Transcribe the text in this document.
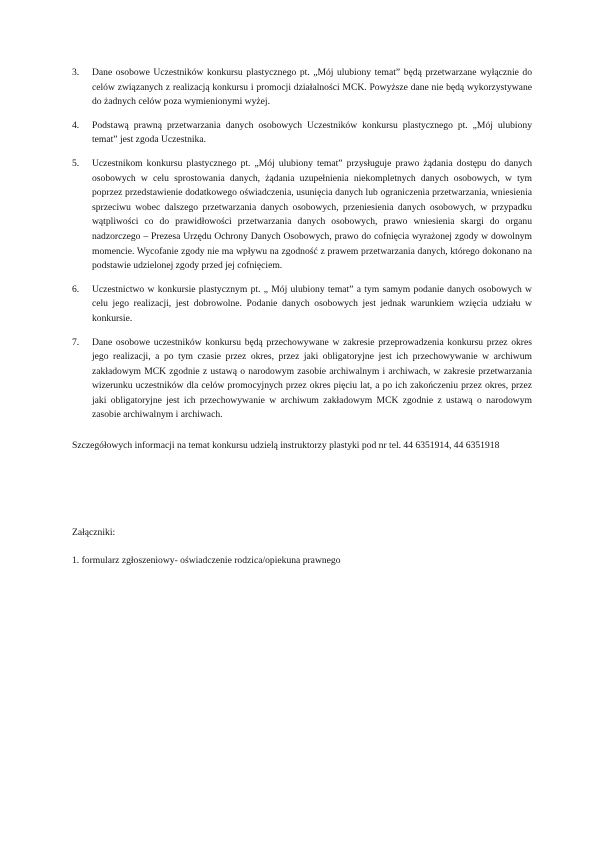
3.	Dane osobowe Uczestników konkursu plastycznego pt. „Mój ulubiony temat” będą przetwarzane wyłącznie do celów związanych z realizacją konkursu i promocji działalności MCK. Powyższe dane nie będą wykorzystywane do żadnych celów poza wymienionymi wyżej.
4.	Podstawą prawną przetwarzania danych osobowych Uczestników konkursu plastycznego pt. „Mój ulubiony temat” jest zgoda Uczestnika.
5.	Uczestnikom konkursu plastycznego pt. „Mój ulubiony temat” przysługuje prawo żądania dostępu do danych osobowych w celu sprostowania danych, żądania uzupełnienia niekompletnych danych osobowych, w tym poprzez przedstawienie dodatkowego oświadczenia, usunięcia danych lub ograniczenia przetwarzania, wniesienia sprzeciwu wobec dalszego przetwarzania danych osobowych, przeniesienia danych osobowych, w przypadku wątpliwości co do prawidłowości przetwarzania danych osobowych, prawo wniesienia skargi do organu nadzorczego – Prezesa Urzędu Ochrony Danych Osobowych, prawo do cofnięcia wyrażonej zgody w dowolnym momencie. Wycofanie zgody nie ma wpływu na zgodność z prawem przetwarzania danych, którego dokonano na podstawie udzielonej zgody przed jej cofnięciem.
6.	Uczestnictwo w konkursie plastycznym pt. „ Mój ulubiony temat” a tym samym podanie danych osobowych w celu jego realizacji, jest dobrowolne. Podanie danych osobowych jest jednak warunkiem wzięcia udziału w konkursie.
7.	Dane osobowe uczestników konkursu będą przechowywane w zakresie przeprowadzenia konkursu przez okres jego realizacji, a po tym czasie przez okres, przez jaki obligatoryjne jest ich przechowywanie w archiwum zakładowym MCK zgodnie z ustawą o narodowym zasobie archiwalnym i archiwach, w zakresie przetwarzania wizerunku uczestników dla celów promocyjnych przez okres pięciu lat, a po ich zakończeniu przez okres, przez jaki obligatoryjne jest ich przechowywanie w archiwum zakładowym MCK zgodnie z ustawą o narodowym zasobie archiwalnym i archiwach.

Szczegółowych informacji na temat konkursu udzielą instruktorzy plastyki pod nr tel. 44 6351914, 44 6351918

Załączniki:

1. formularz zgłoszeniowy- oświadczenie rodzica/opiekuna prawnego
